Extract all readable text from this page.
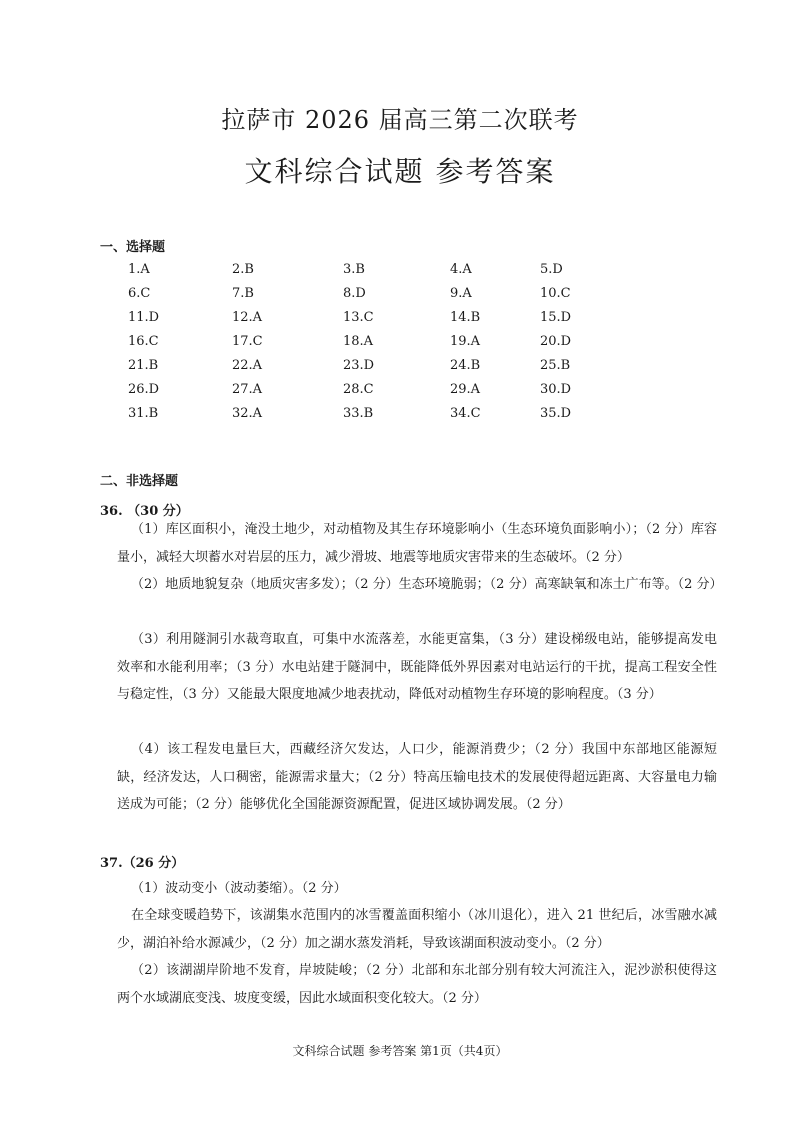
拉萨市 2026 届高三第二次联考
文科综合试题 参考答案
一、选择题
1.A	2.B	3.B	4.A	5.D
6.C	7.B	8.D	9.A	10.C
11.D	12.A	13.C	14.B	15.D
16.C	17.C	18.A	19.A	20.D
21.B	22.A	23.D	24.B	25.B
26.D	27.A	28.C	29.A	30.D
31.B	32.A	33.B	34.C	35.D
二、非选择题
36. （30 分）
（1）库区面积小，淹没土地少，对动植物及其生存环境影响小（生态环境负面影响小）；（2 分）库容量小，减轻大坝蓄水对岩层的压力，减少滑坡、地震等地质灾害带来的生态破坏。（2 分）
（2）地质地貌复杂（地质灾害多发）；（2 分）生态环境脆弱；（2 分）高寒缺氧和冻土广布等。（2 分）
（3）利用隧洞引水裁弯取直，可集中水流落差，水能更富集，（3 分）建设梯级电站，能够提高发电效率和水能利用率；（3 分）水电站建于隧洞中，既能降低外界因素对电站运行的干扰，提高工程安全性与稳定性，（3 分）又能最大限度地减少地表扰动，降低对动植物生存环境的影响程度。（3 分）
（4）该工程发电量巨大，西藏经济欠发达，人口少，能源消费少；（2 分）我国中东部地区能源短缺，经济发达，人口稠密，能源需求量大；（2 分）特高压输电技术的发展使得超远距离、大容量电力输送成为可能；（2 分）能够优化全国能源资源配置，促进区域协调发展。（2 分）
37.（26 分）
（1）波动变小（波动萎缩）。（2 分）
在全球变暖趋势下，该湖集水范围内的冰雪覆盖面积缩小（冰川退化），进入 21 世纪后，冰雪融水减少，湖泊补给水源减少，（2 分）加之湖水蒸发消耗，导致该湖面积波动变小。（2 分）
（2）该湖湖岸阶地不发育，岸坡陡峻；（2 分）北部和东北部分别有较大河流注入，泥沙淤积使得这两个水域湖底变浅、坡度变缓，因此水域面积变化较大。（2 分）
文科综合试题 参考答案 第1页（共4页）
